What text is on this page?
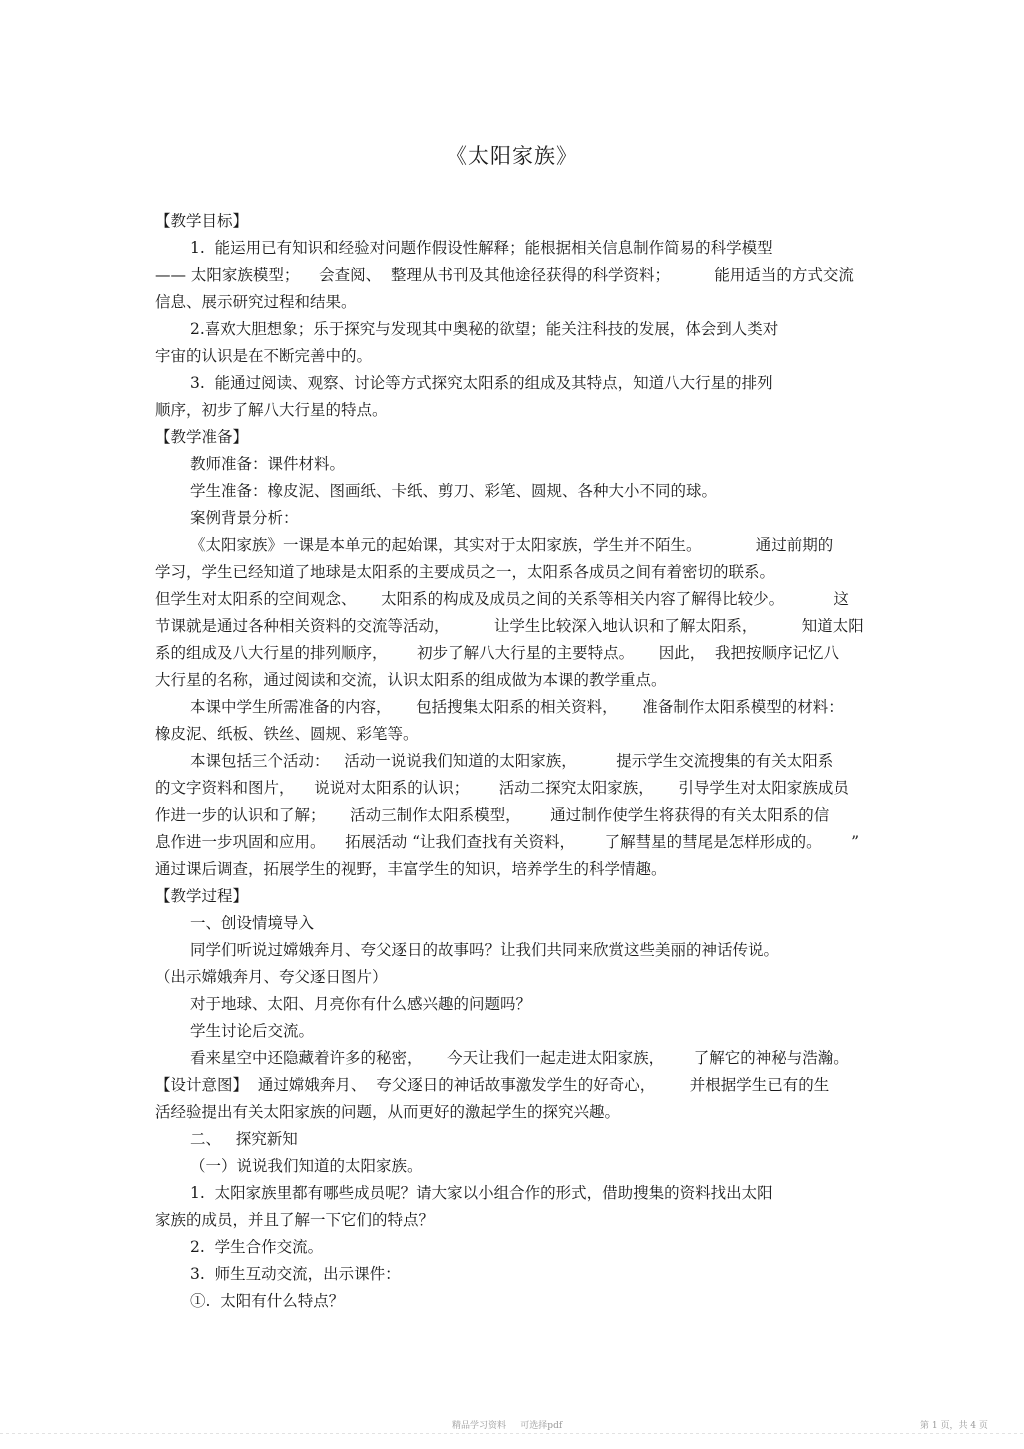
《太阳家族》
【教学目标】
1.  能运用已有知识和经验对问题作假设性解释；能根据相关信息制作简易的科学模型
—— 太阳家族模型；    会查阅、  整理从书刊及其他途径获得的科学资料；         能用适当的方式交流
信息、展示研究过程和结果。
2.喜欢大胆想象；乐于探究与发现其中奥秘的欲望；能关注科技的发展，体会到人类对
宇宙的认识是在不断完善中的。
3.  能通过阅读、观察、讨论等方式探究太阳系的组成及其特点，知道八大行星的排列
顺序，初步了解八大行星的特点。
【教学准备】
教师准备：课件材料。
学生准备：橡皮泥、图画纸、卡纸、剪刀、彩笔、圆规、各种大小不同的球。
案例背景分析：
《太阳家族》一课是本单元的起始课，其实对于太阳家族，学生并不陌生。           通过前期的
学习，学生已经知道了地球是太阳系的主要成员之一，太阳系各成员之间有着密切的联系。
但学生对太阳系的空间观念、     太阳系的构成及成员之间的关系等相关内容了解得比较少。          这
节课就是通过各种相关资料的交流等活动，         让学生比较深入地认识和了解太阳系，         知道太阳
系的组成及八大行星的排列顺序，      初步了解八大行星的主要特点。     因此，  我把按顺序记忆八
大行星的名称，通过阅读和交流，认识太阳系的组成做为本课的教学重点。
本课中学生所需准备的内容，     包括搜集太阳系的相关资料，     准备制作太阳系模型的材料：
橡皮泥、纸板、铁丝、圆规、彩笔等。
本课包括三个活动：   活动一说说我们知道的太阳家族，        提示学生交流搜集的有关太阳系
的文字资料和图片，    说说对太阳系的认识；      活动二探究太阳家族，     引导学生对太阳家族成员
作进一步的认识和了解；     活动三制作太阳系模型，      通过制作使学生将获得的有关太阳系的信
息作进一步巩固和应用。    拓展活动 “让我们查找有关资料，      了解彗星的彗尾是怎样形成的。      ”
通过课后调查，拓展学生的视野，丰富学生的知识，培养学生的科学情趣。
【教学过程】
一、创设情境导入
同学们听说过嫦娥奔月、夸父逐日的故事吗？让我们共同来欣赏这些美丽的神话传说。
（出示嫦娥奔月、夸父逐日图片）
对于地球、太阳、月亮你有什么感兴趣的问题吗？
学生讨论后交流。
看来星空中还隐藏着许多的秘密，     今天让我们一起走进太阳家族，      了解它的神秘与浩瀚。
【设计意图】  通过嫦娥奔月、  夸父逐日的神话故事激发学生的好奇心，       并根据学生已有的生
活经验提出有关太阳家族的问题，从而更好的激起学生的探究兴趣。
二、   探究新知
（一）说说我们知道的太阳家族。
1.  太阳家族里都有哪些成员呢？请大家以小组合作的形式，借助搜集的资料找出太阳
家族的成员，并且了解一下它们的特点？
2.  学生合作交流。
3.  师生互动交流，出示课件：
①.  太阳有什么特点？
精品学习资料     可选择pdf	第 1 页，共 4 页
